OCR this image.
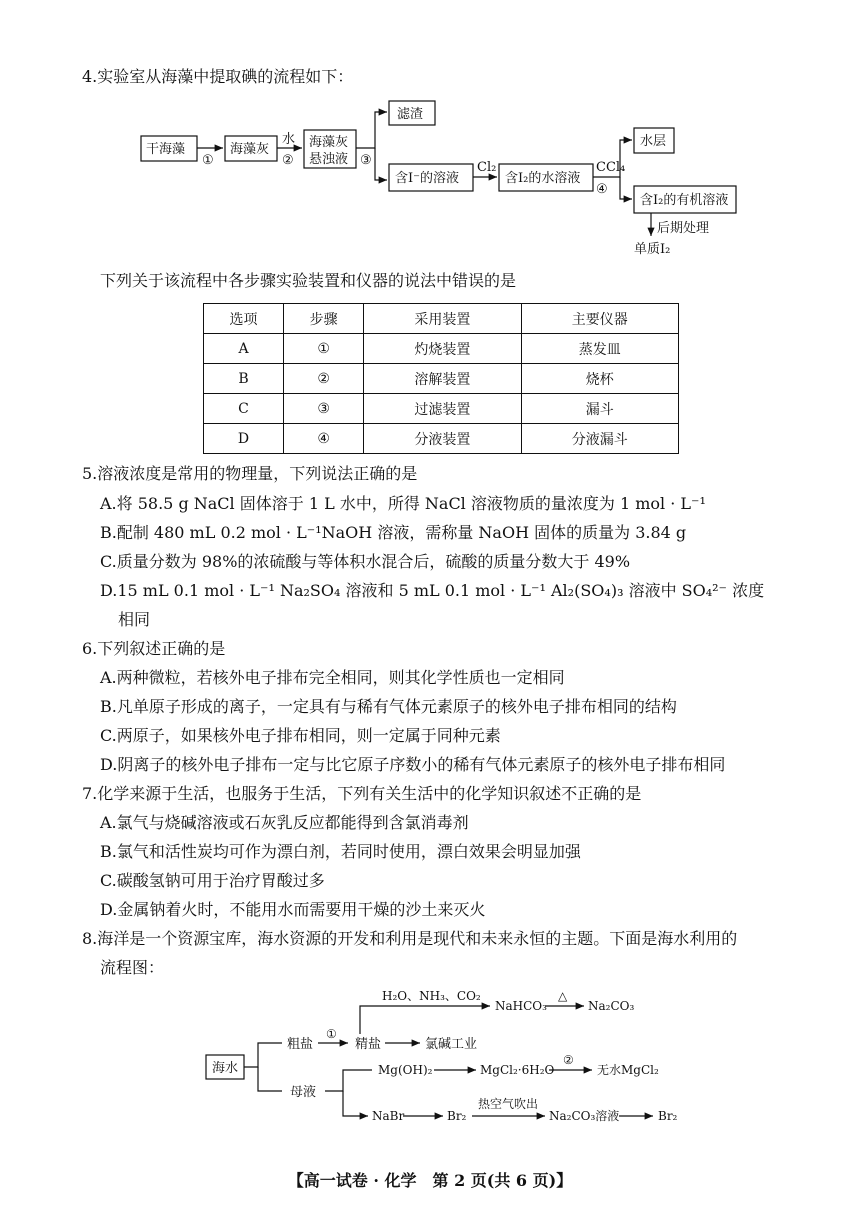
4.实验室从海藻中提取碘的流程如下：
干海藻	海藻灰	海藻灰
悬浊液
滤渣
含I⁻的溶液	含I₂的水溶液
水层
含I₂的有机溶液
后期处理
单质I₂
水
Cl₂	CCl₄
①	②	③
④
下列关于该流程中各步骤实验装置和仪器的说法中错误的是
选项	步骤	采用装置	主要仪器
A	①	灼烧装置	蒸发皿
B	②	溶解装置	烧杯
C	③	过滤装置	漏斗
D	④	分液装置	分液漏斗
5.溶液浓度是常用的物理量，下列说法正确的是
A.将 58.5 g NaCl 固体溶于 1 L 水中，所得 NaCl 溶液物质的量浓度为 1 mol · L⁻¹
B.配制 480 mL 0.2 mol · L⁻¹NaOH 溶液，需称量 NaOH 固体的质量为 3.84 g
C.质量分数为 98%的浓硫酸与等体积水混合后，硫酸的质量分数大于 49%
D.15 mL 0.1 mol · L⁻¹ Na₂SO₄ 溶液和 5 mL 0.1 mol · L⁻¹ Al₂(SO₄)₃ 溶液中 SO₄²⁻ 浓度
相同
6.下列叙述正确的是
A.两种微粒，若核外电子排布完全相同，则其化学性质也一定相同
B.凡单原子形成的离子，一定具有与稀有气体元素原子的核外电子排布相同的结构
C.两原子，如果核外电子排布相同，则一定属于同种元素
D.阴离子的核外电子排布一定与比它原子序数小的稀有气体元素原子的核外电子排布相同
7.化学来源于生活，也服务于生活，下列有关生活中的化学知识叙述不正确的是
A.氯气与烧碱溶液或石灰乳反应都能得到含氯消毒剂
B.氯气和活性炭均可作为漂白剂，若同时使用，漂白效果会明显加强
C.碳酸氢钠可用于治疗胃酸过多
D.金属钠着火时，不能用水而需要用干燥的沙土来灭火
8.海洋是一个资源宝库，海水资源的开发和利用是现代和未来永恒的主题。下面是海水利用的
流程图：
海水
粗盐
①
精盐	氯碱工业
H₂O、NH₃、CO₂
NaHCO₃
△
Na₂CO₃
母液
Mg(OH)₂	MgCl₂·6H₂O
②
无水MgCl₂
NaBr	Br₂
热空气吹出
Na₂CO₃溶液	Br₂
【高一试卷 · 化学　第 2 页(共 6 页)】
